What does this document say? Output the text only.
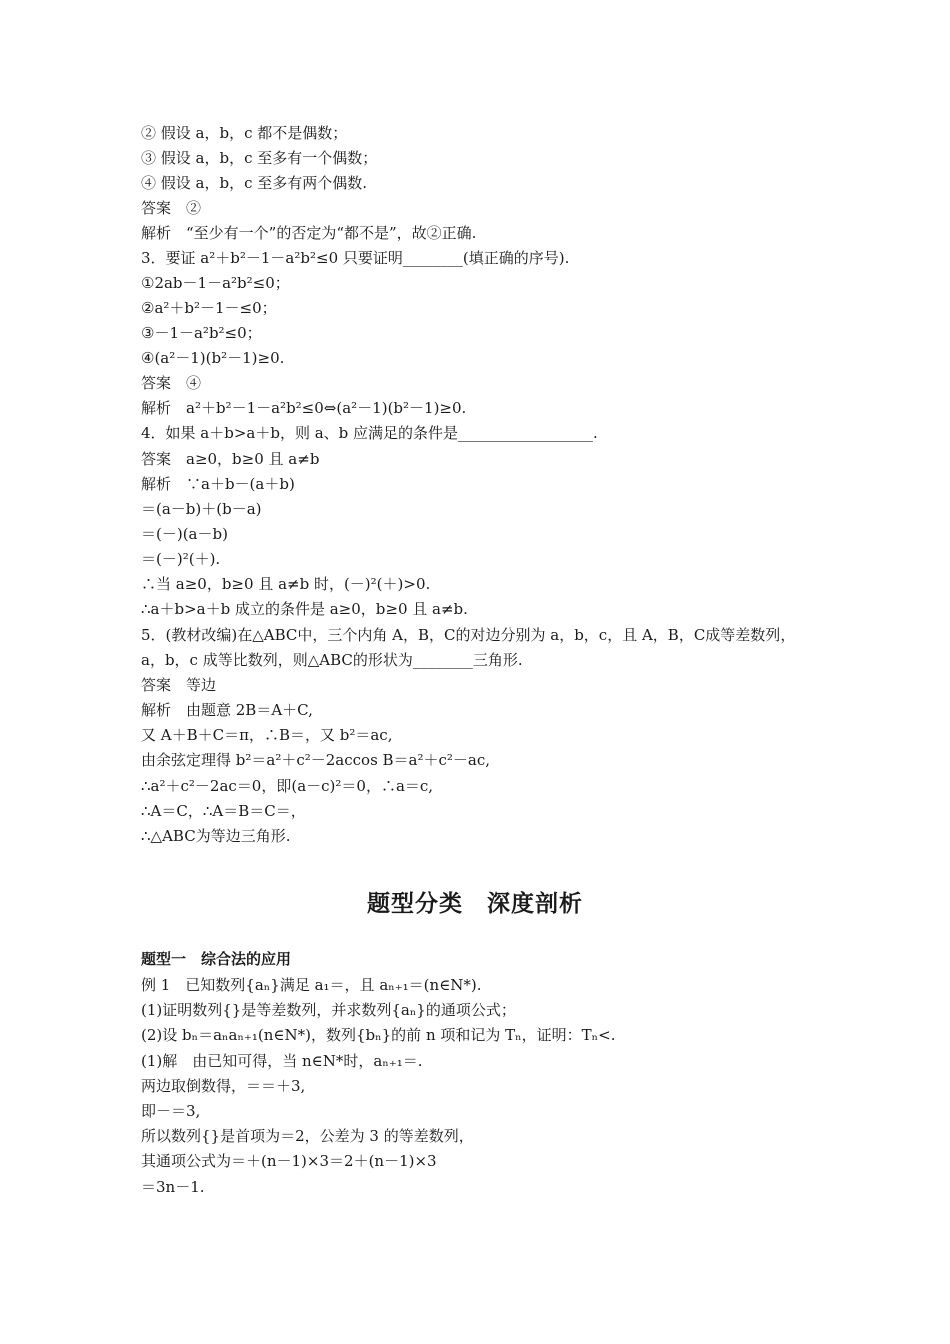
② 假设 a，b，c 都不是偶数；
③ 假设 a，b，c 至多有一个偶数；
④ 假设 a，b，c 至多有两个偶数.
答案　②
解析　“至少有一个”的否定为“都不是”，故②正确.
3．要证 a²＋b²－1－a²b²≤0 只要证明________(填正确的序号).
①2ab－1－a²b²≤0；
②a²＋b²－1－≤0；
③－1－a²b²≤0；
④(a²－1)(b²－1)≥0.
答案　④
解析　a²＋b²－1－a²b²≤0⇔(a²－1)(b²－1)≥0.
4．如果 a＋b>a＋b，则 a、b 应满足的条件是__________________.
答案　a≥0，b≥0 且 a≠b
解析　∵a＋b－(a＋b)
＝(a－b)＋(b－a)
＝(－)(a－b)
＝(－)²(＋).
∴当 a≥0，b≥0 且 a≠b 时，(－)²(＋)>0.
∴a＋b>a＋b 成立的条件是 a≥0，b≥0 且 a≠b.
5．(教材改编)在△ABC中，三个内角 A，B，C的对边分别为 a，b，c，且 A，B，C成等差数列，
a，b，c 成等比数列，则△ABC的形状为________三角形.
答案　等边
解析　由题意 2B＝A＋C,
又 A＋B＋C＝π，∴B＝，又 b²＝ac,
由余弦定理得 b²＝a²＋c²－2accos B＝a²＋c²－ac,
∴a²＋c²－2ac＝0，即(a－c)²＝0，∴a＝c,
∴A＝C，∴A＝B＝C＝，
∴△ABC为等边三角形.
题型分类　深度剖析
题型一　综合法的应用
例 1　已知数列{aₙ}满足 a₁＝，且 aₙ₊₁＝(n∈N*).
(1)证明数列{}是等差数列，并求数列{aₙ}的通项公式；
(2)设 bₙ＝aₙaₙ₊₁(n∈N*)，数列{bₙ}的前 n 项和记为 Tₙ，证明：Tₙ<.
(1)解　由已知可得，当 n∈N*时，aₙ₊₁＝.
两边取倒数得，＝＝＋3,
即－＝3,
所以数列{}是首项为＝2，公差为 3 的等差数列，
其通项公式为＝＋(n－1)×3＝2＋(n－1)×3
＝3n－1.
